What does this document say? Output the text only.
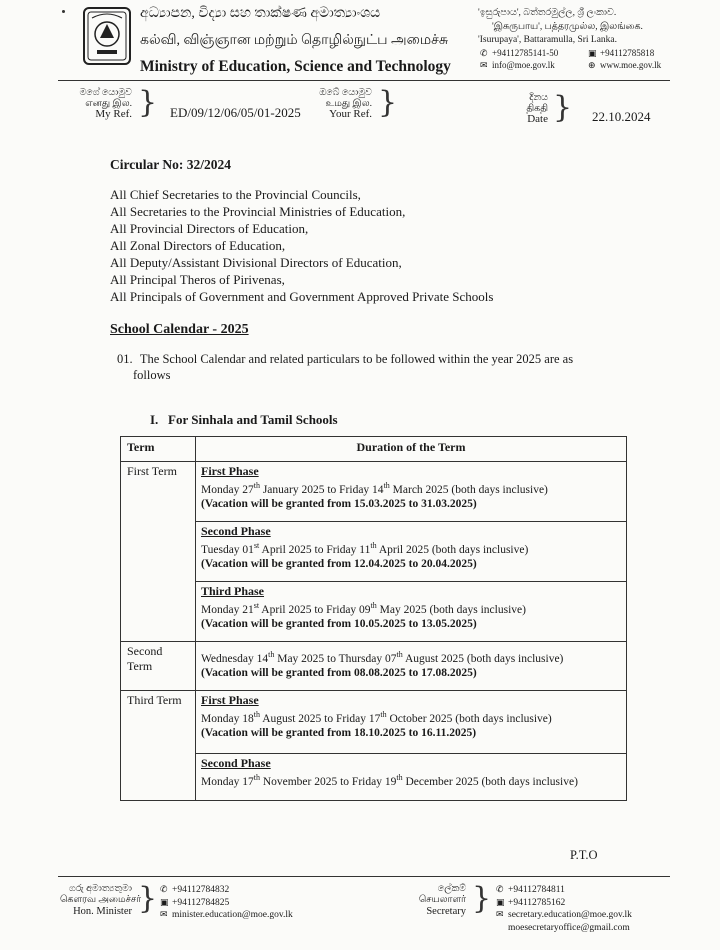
අධ්‍යාපන, විද්‍යා සහ තාක්ෂණ අමාත්‍යාංශය
கல்வி, விஞ்ஞான மற்றும் தொழில்நுட்ப அமைச்சு
Ministry of Education, Science and Technology
'ඉසුරුපාය', බත්තරමුල්ල, ශ්‍රී ලංකාව.
'இசுருபாய', பத்தரமுல்ல, இலங்கை.
'Isurupaya', Battaramulla, Sri Lanka.
✆ +94112785141-50	▣ +94112785818
✉ info@moe.gov.lk	⊕ www.moe.gov.lk
මගේ යොමුව
எனது இல.
My Ref. } ED/09/12/06/05/01-2025
ඔබේ යොමුව
உமது இல.
Your Ref. }	දිනය
திகதி
Date } 22.10.2024
Circular No: 32/2024
All Chief Secretaries to the Provincial Councils,
All Secretaries to the Provincial Ministries of Education,
All Provincial Directors of Education,
All Zonal Directors of Education,
All Deputy/Assistant Divisional Directors of Education,
All Principal Theros of Pirivenas,
All Principals of Government and Government Approved Private Schools
School Calendar - 2025
01. The School Calendar and related particulars to be followed within the year 2025 are as
follows
I.   For Sinhala and Tamil Schools
Term	Duration of the Term
First Term	First Phase
Monday 27th January 2025 to Friday 14th March 2025 (both days inclusive)
(Vacation will be granted from 15.03.2025 to 31.03.2025)

	Second Phase
Tuesday 01st April 2025 to Friday 11th April 2025 (both days inclusive)
(Vacation will be granted from 12.04.2025 to 20.04.2025)

	Third Phase
Monday 21st April 2025 to Friday 09th May 2025 (both days inclusive)
(Vacation will be granted from 10.05.2025 to 13.05.2025)

Second Term	Wednesday 14th May 2025 to Thursday 07th August 2025 (both days inclusive)
(Vacation will be granted from 08.08.2025 to 17.08.2025)

Third Term	First Phase
Monday 18th August 2025 to Friday 17th October 2025 (both days inclusive)
(Vacation will be granted from 18.10.2025 to 16.11.2025)

	Second Phase
Monday 17th November 2025 to Friday 19th December 2025 (both days inclusive)
P.T.O
ගරු අමාත්‍යතුමා
கௌரவ அமைச்சர்
Hon. Minister } ✆ +94112784832
▣ +94112784825
✉ minister.education@moe.gov.lk
ලේකම්
செயலாளர்
Secretary } ✆ +94112784811
▣ +94112785162
✉ secretary.education@moe.gov.lk
moesecretaryoffice@gmail.com
